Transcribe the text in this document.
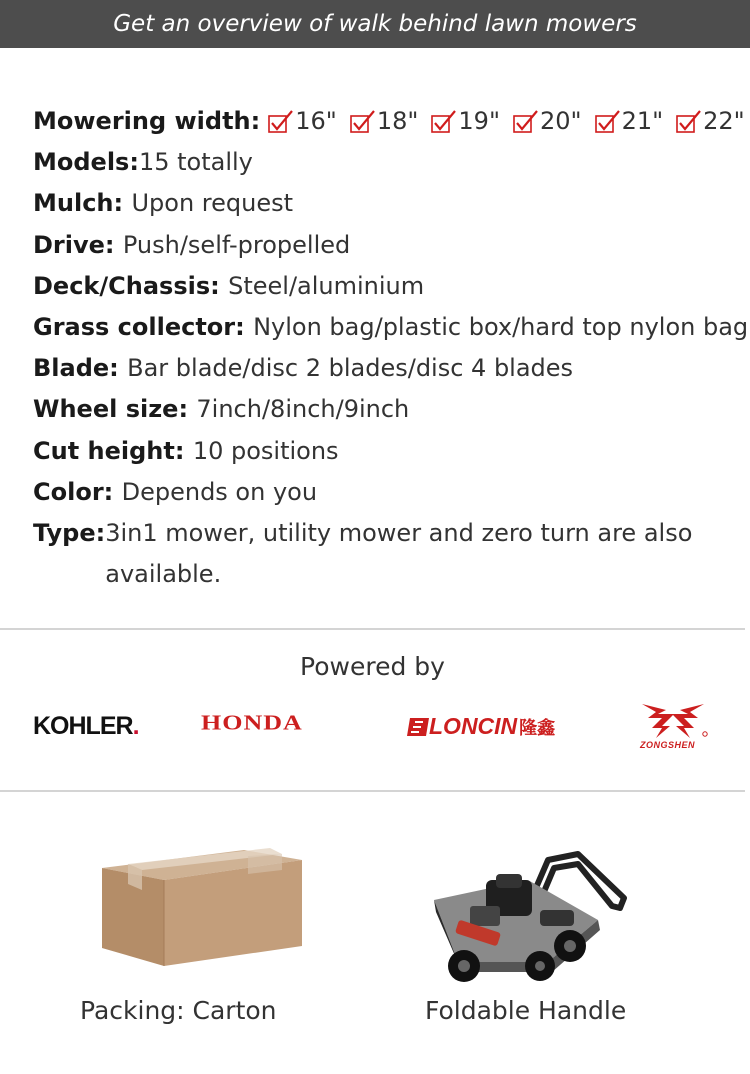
Get an overview of walk behind lawn mowers
Mowering width: 16" 18" 19" 20" 21" 22"
Models:15 totally
Mulch: Upon request
Drive: Push/self-propelled
Deck/Chassis: Steel/aluminium
Grass collector: Nylon bag/plastic box/hard top nylon bag
Blade: Bar blade/disc 2 blades/disc 4 blades
Wheel size: 7inch/8inch/9inch
Cut height: 10 positions
Color: Depends on you
Type: 3in1 mower, utility mower and zero turn are also available.
Powered by
KOHLER. HONDA	LONCIN 隆鑫
ZONGSHEN
Packing: Carton	Foldable Handle
